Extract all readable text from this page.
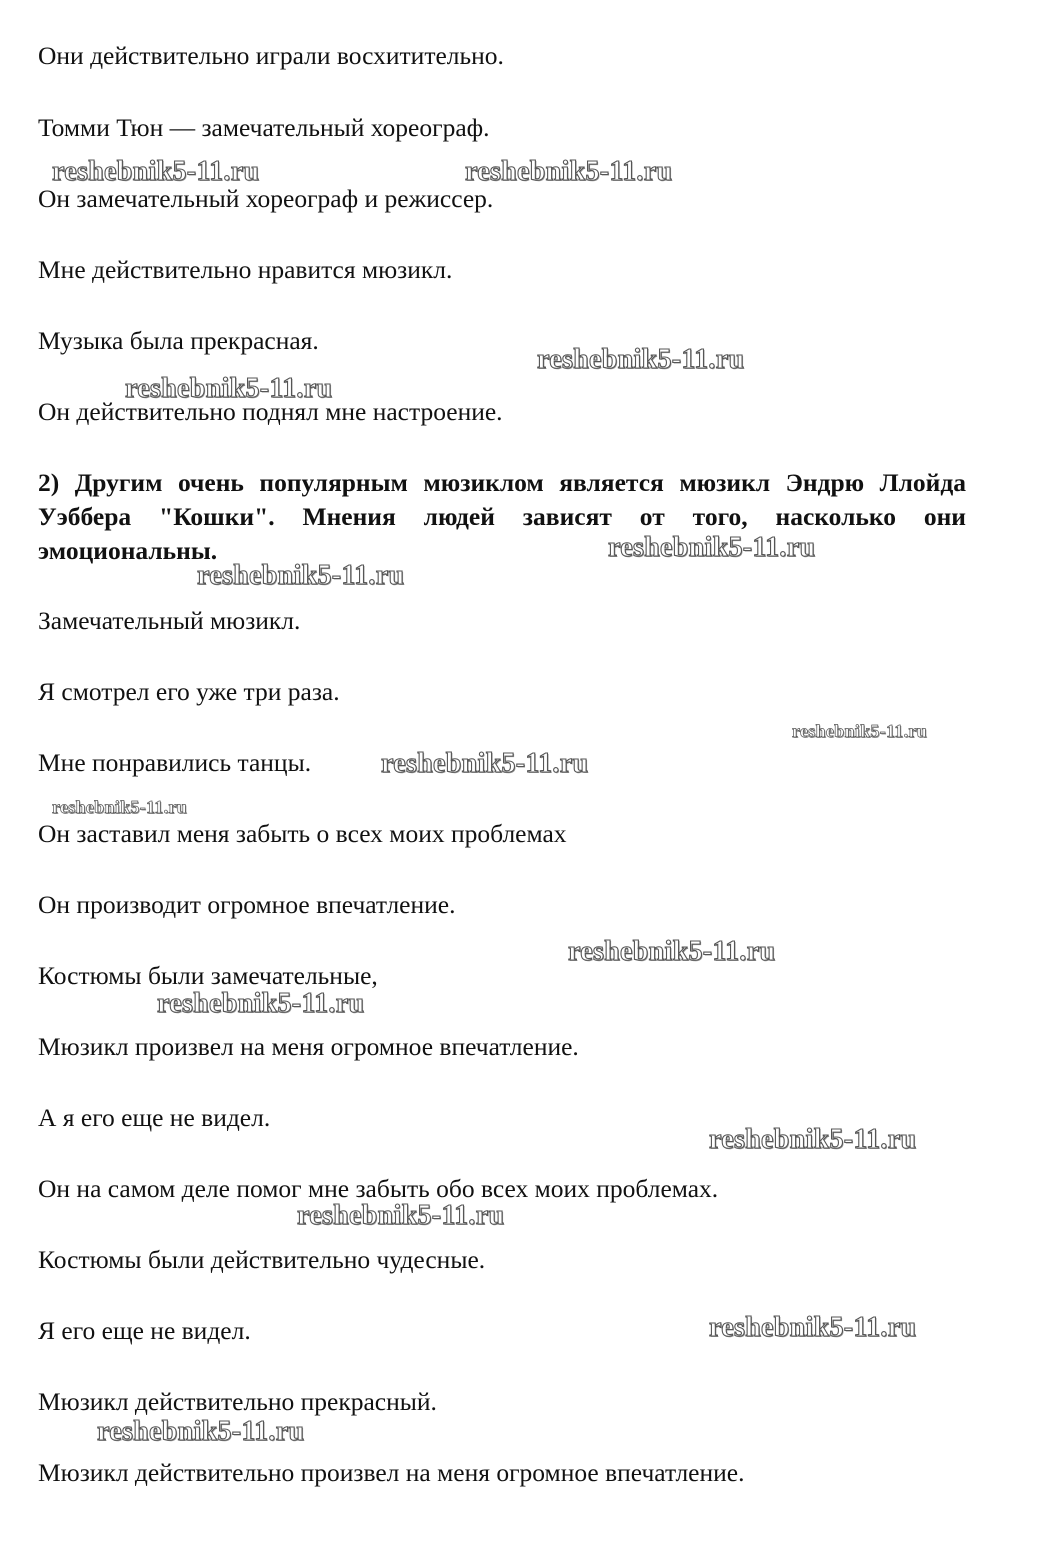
Они действительно играли восхитительно.
Томми Тюн — замечательный хореограф.
Он замечательный хореограф и режиссер.
Мне действительно нравится мюзикл.
Музыка была прекрасная.
Он действительно поднял мне настроение.
2) Другим очень популярным мюзиклом является мюзикл Эндрю Ллойда Уэббера "Кошки". Мнения людей зависят от того, насколько они эмоциональны.
Замечательный мюзикл.
Я смотрел его уже три раза.
Мне понравились танцы.
Он заставил меня забыть о всех моих проблемах
Он производит огромное впечатление.
Костюмы были замечательные,
Мюзикл произвел на меня огромное впечатление.
А я его еще не видел.
Он на самом деле помог мне забыть обо всех моих проблемах.
Костюмы были действительно чудесные.
Я его еще не видел.
Мюзикл действительно прекрасный.
Мюзикл действительно произвел на меня огромное впечатление.
reshebnik5-11.ru	reshebnik5-11.ru
reshebnik5-11.ru
reshebnik5-11.ru
reshebnik5-11.ru
reshebnik5-11.ru
reshebnik5-11.ru
reshebnik5-11.ru
reshebnik5-11.ru
reshebnik5-11.ru
reshebnik5-11.ru
reshebnik5-11.ru
reshebnik5-11.ru
reshebnik5-11.ru
reshebnik5-11.ru
